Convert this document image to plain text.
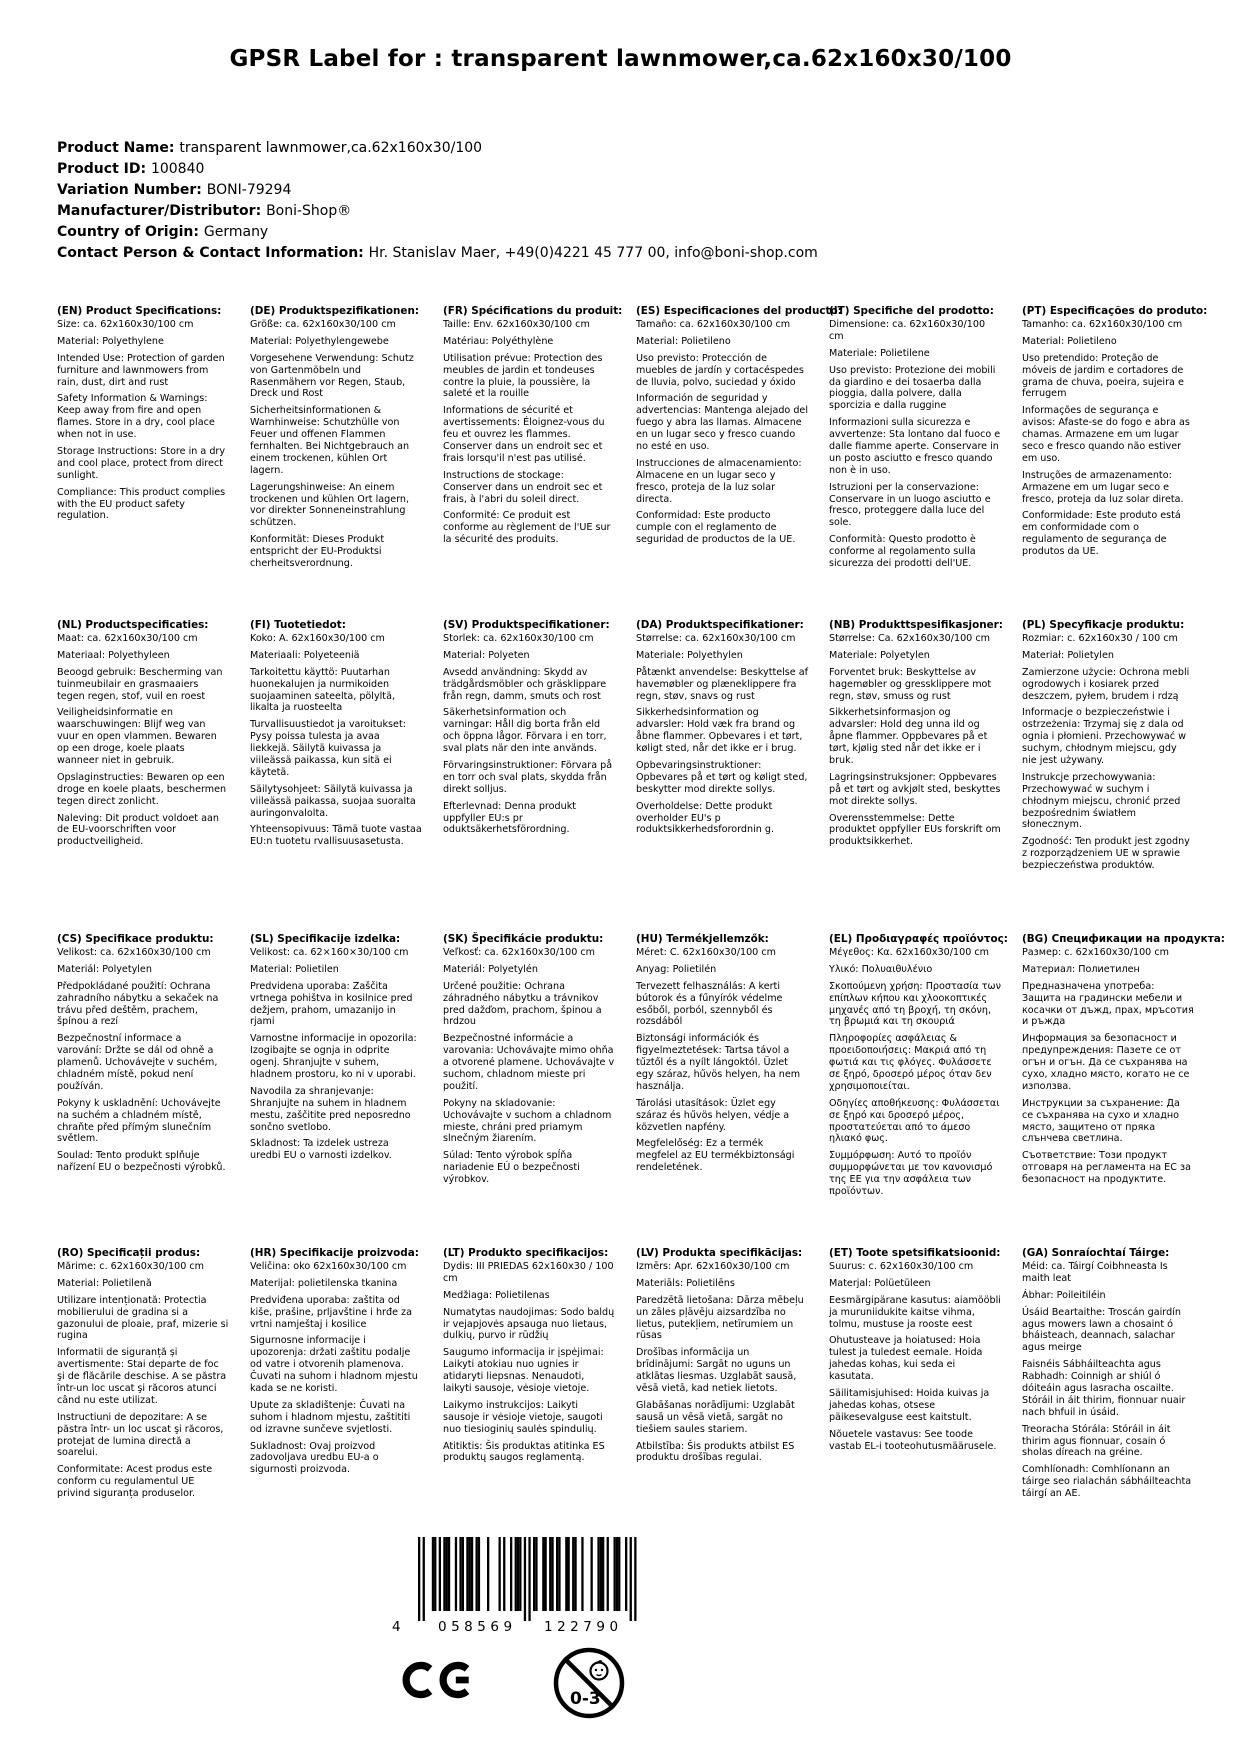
GPSR Label for : transparent lawnmower,ca.62x160x30/100
Product Name: transparent lawnmower,ca.62x160x30/100
Product ID: 100840
Variation Number: BONI-79294
Manufacturer/Distributor: Boni-Shop®
Country of Origin: Germany
Contact Person & Contact Information: Hr. Stanislav Maer, +49(0)4221 45 777 00, info@boni-shop.com
(EN) Product Specifications:

Size: ca. 62x160x30/100 cm

Material: Polyethylene

Intended Use: Protection of garden furniture and lawnmowers from rain, dust, dirt and rust

Safety Information & Warnings: Keep away from fire and open flames. Store in a dry, cool place when not in use.

Storage Instructions: Store in a dry and cool place, protect from direct sunlight.

Compliance: This product complies with the EU product safety regulation.

(DE) Produktspezifikationen:

Größe: ca. 62x160x30/100 cm

Material: Polyethylengewebe

Vorgesehene Verwendung: Schutz von Gartenmöbeln und Rasenmähern vor Regen, Staub, Dreck und Rost

Sicherheitsinformationen & Warnhinweise: Schutzhülle von Feuer und offenen Flammen fernhalten. Bei Nichtgebrauch an einem trockenen, kühlen Ort lagern.

Lagerungshinweise: An einem trockenen und kühlen Ort lagern, vor direkter Sonneneinstrahlung schützen.

Konformität: Dieses Produkt entspricht der EU-Produktsi cherheitsverordnung.

(FR) Spécifications du produit:

Taille: Env. 62x160x30/100 cm

Matériau: Polyéthylène

Utilisation prévue: Protection des meubles de jardin et tondeuses contre la pluie, la poussière, la saleté et la rouille

Informations de sécurité et avertissements: Éloignez-vous du feu et ouvrez les flammes. Conserver dans un endroit sec et frais lorsqu'il n'est pas utilisé.

Instructions de stockage: Conserver dans un endroit sec et frais, à l'abri du soleil direct.

Conformité: Ce produit est conforme au règlement de l'UE sur la sécurité des produits.

(ES) Especificaciones del producto:

Tamaño: ca. 62x160x30/100 cm

Material: Polietileno

Uso previsto: Protección de muebles de jardín y cortacéspedes de lluvia, polvo, suciedad y óxido

Información de seguridad y advertencias: Mantenga alejado del fuego y abra las llamas. Almacene en un lugar seco y fresco cuando no esté en uso.

Instrucciones de almacenamiento: Almacene en un lugar seco y fresco, proteja de la luz solar directa.

Conformidad: Este producto cumple con el reglamento de seguridad de productos de la UE.

(IT) Specifiche del prodotto:

Dimensione: ca. 62x160x30/100 cm

Materiale: Polietilene

Uso previsto: Protezione dei mobili da giardino e dei tosaerba dalla pioggia, dalla polvere, dalla sporcizia e dalla ruggine

Informazioni sulla sicurezza e avvertenze: Sta lontano dal fuoco e dalle fiamme aperte. Conservare in un posto asciutto e fresco quando non è in uso.

Istruzioni per la conservazione: Conservare in un luogo asciutto e fresco, proteggere dalla luce del sole.

Conformità: Questo prodotto è conforme al regolamento sulla sicurezza dei prodotti dell'UE.

(PT) Especificações do produto:

Tamanho: ca. 62x160x30/100 cm

Material: Polietileno

Uso pretendido: Proteção de móveis de jardim e cortadores de grama de chuva, poeira, sujeira e ferrugem

Informações de segurança e avisos: Afaste-se do fogo e abra as chamas. Armazene em um lugar seco e fresco quando não estiver em uso.

Instruções de armazenamento: Armazene em um lugar seco e fresco, proteja da luz solar direta.

Conformidade: Este produto está em conformidade com o regulamento de segurança de produtos da UE.

(NL) Productspecificaties:

Maat: ca. 62x160x30/100 cm

Materiaal: Polyethyleen

Beoogd gebruik: Bescherming van tuinmeubilair en grasmaaiers tegen regen, stof, vuil en roest

Veiligheidsinformatie en waarschuwingen: Blijf weg van vuur en open vlammen. Bewaren op een droge, koele plaats wanneer niet in gebruik.

Opslaginstructies: Bewaren op een droge en koele plaats, beschermen tegen direct zonlicht.

Naleving: Dit product voldoet aan de EU-voorschriften voor productveiligheid.

(FI) Tuotetiedot:

Koko: A. 62x160x30/100 cm

Materiaali: Polyeteeniä

Tarkoitettu käyttö: Puutarhan huonekalujen ja nurmikoiden suojaaminen sateelta, pölyltä, likalta ja ruosteelta

Turvallisuustiedot ja varoitukset: Pysy poissa tulesta ja avaa liekkejä. Säilytä kuivassa ja viileässä paikassa, kun sitä ei käytetä.

Säilytysohjeet: Säilytä kuivassa ja viileässä paikassa, suojaa suoralta auringonvalolta.

Yhteensopivuus: Tämä tuote vastaa EU:n tuotetu rvallisuusasetusta.

(SV) Produktspecifikationer:

Storlek: ca. 62x160x30/100 cm

Material: Polyeten

Avsedd användning: Skydd av trädgårdsmöbler och gräsklippare från regn, damm, smuts och rost

Säkerhetsinformation och varningar: Håll dig borta från eld och öppna lågor. Förvara i en torr, sval plats när den inte används.

Förvaringsinstruktioner: Förvara på en torr och sval plats, skydda från direkt solljus.

Efterlevnad: Denna produkt uppfyller EU:s pr oduktsäkerhetsförordning.

(DA) Produktspecifikationer:

Størrelse: ca. 62x160x30/100 cm

Materiale: Polyethylen

Påtænkt anvendelse: Beskyttelse af havemøbler og plæneklippere fra regn, støv, snavs og rust

Sikkerhedsinformation og advarsler: Hold væk fra brand og åbne flammer. Opbevares i et tørt, køligt sted, når det ikke er i brug.

Opbevaringsinstruktioner: Opbevares på et tørt og køligt sted, beskytter mod direkte sollys.

Overholdelse: Dette produkt overholder EU's p roduktsikkerhedsforordnin g.

(NB) Produkttspesifikasjoner:

Størrelse: Ca. 62x160x30/100 cm

Materiale: Polyetylen

Forventet bruk: Beskyttelse av hagemøbler og gressklippere mot regn, støv, smuss og rust

Sikkerhetsinformasjon og advarsler: Hold deg unna ild og åpne flammer. Oppbevares på et tørt, kjølig sted når det ikke er i bruk.

Lagringsinstruksjoner: Oppbevares på et tørt og avkjølt sted, beskyttes mot direkte sollys.

Overensstemmelse: Dette produktet oppfyller EUs forskrift om produktsikkerhet.

(PL) Specyfikacje produktu:

Rozmiar: c. 62x160x30 / 100 cm

Materiał: Polietylen

Zamierzone użycie: Ochrona mebli ogrodowych i kosiarek przed deszczem, pyłem, brudem i rdzą

Informacje o bezpieczeństwie i ostrzeżenia: Trzymaj się z dala od ognia i płomieni. Przechowywać w suchym, chłodnym miejscu, gdy nie jest używany.

Instrukcje przechowywania: Przechowywać w suchym i chłodnym miejscu, chronić przed bezpośrednim światłem słonecznym.

Zgodność: Ten produkt jest zgodny z rozporządzeniem UE w sprawie bezpieczeństwa produktów.

(CS) Specifikace produktu:

Velikost: ca. 62x160x30/100 cm

Materiál: Polyetylen

Předpokládané použití: Ochrana zahradního nábytku a sekaček na trávu před deštěm, prachem, špínou a rezí

Bezpečnostní informace a varování: Držte se dál od ohně a plamenů. Uchovávejte v suchém, chladném místě, pokud není používán.

Pokyny k uskladnění: Uchovávejte na suchém a chladném místě, chraňte před přímým slunečním světlem.

Soulad: Tento produkt splňuje nařízení EU o bezpečnosti výrobků.

(SL) Specifikacije izdelka:

Velikost: ca. 62×160×30/100 cm

Material: Polietilen

Predvidena uporaba: Zaščita vrtnega pohištva in kosilnice pred dežjem, prahom, umazanijo in rjami

Varnostne informacije in opozorila: Izogibajte se ognja in odprite ogenj. Shranjujte v suhem, hladnem prostoru, ko ni v uporabi.

Navodila za shranjevanje: Shranjujte na suhem in hladnem mestu, zaščitite pred neposredno sončno svetlobo.

Skladnost: Ta izdelek ustreza uredbi EU o varnosti izdelkov.

(SK) Špecifikácie produktu:

Veľkosť: ca. 62x160x30/100 cm

Materiál: Polyetylén

Určené použitie: Ochrana záhradného nábytku a trávnikov pred dažďom, prachom, špinou a hrdzou

Bezpečnostné informácie a varovania: Uchovávajte mimo ohňa a otvorené plamene. Uchovávajte v suchom, chladnom mieste pri použití.

Pokyny na skladovanie: Uchovávajte v suchom a chladnom mieste, chráni pred priamym slnečným žiarením.

Súlad: Tento výrobok spĺňa nariadenie EÚ o bezpečnosti výrobkov.

(HU) Termékjellemzők:

Méret: C. 62x160x30/100 cm

Anyag: Polietilén

Tervezett felhasználás: A kerti bútorok és a fűnyírók védelme esőből, porból, szennyből és rozsdából

Biztonsági információk és figyelmeztetések: Tartsa távol a tűztől és a nyílt lángoktól. Üzlet egy száraz, hűvös helyen, ha nem használja.

Tárolási utasítások: Üzlet egy száraz és hűvös helyen, védje a közvetlen napfény.

Megfelelőség: Ez a termék megfelel az EU termékbiztonsági rendeletének.

(EL) Προδιαγραφές προϊόντος:

Μέγεθος: Κα. 62x160x30/100 cm

Υλικό: Πολυαιθυλένιο

Σκοπούμενη χρήση: Προστασία των επίπλων κήπου και χλοοκοπτικές μηχανές από τη βροχή, τη σκόνη, τη βρωμιά και τη σκουριά

Πληροφορίες ασφάλειας & προειδοποιήσεις: Μακριά από τη φωτιά και τις φλόγες. Φυλάσσετε σε ξηρό, δροσερό μέρος όταν δεν χρησιμοποιείται.

Οδηγίες αποθήκευσης: Φυλάσσεται σε ξηρό και δροσερό μέρος, προστατεύεται από το άμεσο ηλιακό φως.

Συμμόρφωση: Αυτό το προϊόν συμμορφώνεται με τον κανονισμό της ΕΕ για την ασφάλεια των προϊόντων.

(BG) Спецификации на продукта:

Размер: c. 62x160x30/100 cm

Материал: Полиетилен

Предназначена употреба: Защита на градински мебели и косачки от дъжд, прах, мръсотия и ръжда

Информация за безопасност и предупреждения: Пазете се от огън и огън. Да се съхранява на сухо, хладно място, когато не се използва.

Инструкции за съхранение: Да се съхранява на сухо и хладно място, защитено от пряка слънчева светлина.

Съответствие: Този продукт отговаря на регламента на ЕС за безопасност на продуктите.

(RO) Specificații produs:

Mărime: c. 62x160x30/100 cm

Material: Polietilenă

Utilizare intenționată: Protectia mobilierului de gradina si a gazonului de ploaie, praf, mizerie si rugina

Informatii de siguranță și avertismente: Stai departe de foc şi de flăcările deschise. A se păstra într-un loc uscat şi răcoros atunci când nu este utilizat.

Instructiuni de depozitare: A se păstra într- un loc uscat şi răcoros, protejat de lumina directă a soarelui.

Conformitate: Acest produs este conform cu regulamentul UE privind siguranța produselor.

(HR) Specifikacije proizvoda:

Veličina: oko 62x160x30/100 cm

Materijal: polietilenska tkanina

Predviđena uporaba: zaštita od kiše, prašine, prljavštine i hrđe za vrtni namještaj i kosilice

Sigurnosne informacije i upozorenja: držati zaštitu podalje od vatre i otvorenih plamenova. Čuvati na suhom i hladnom mjestu kada se ne koristi.

Upute za skladištenje: Čuvati na suhom i hladnom mjestu, zaštititi od izravne sunčeve svjetlosti.

Sukladnost: Ovaj proizvod zadovoljava uredbu EU-a o sigurnosti proizvoda.

(LT) Produkto specifikacijos:

Dydis: III PRIEDAS 62x160x30 / 100 cm

Medžiaga: Polietilenas

Numatytas naudojimas: Sodo baldų ir vejapjovės apsauga nuo lietaus, dulkių, purvo ir rūdžių

Saugumo informacija ir įspėjimai: Laikyti atokiau nuo ugnies ir atidaryti liepsnas. Nenaudoti, laikyti sausoje, vėsioje vietoje.

Laikymo instrukcijos: Laikyti sausoje ir vėsioje vietoje, saugoti nuo tiesioginių saulės spindulių.

Atitiktis: Šis produktas atitinka ES produktų saugos reglamentą.

(LV) Produkta specifikācijas:

Izmērs: Apr. 62x160x30/100 cm

Materiāls: Polietilēns

Paredzētā lietošana: Dārza mēbeļu un zāles pļāvēju aizsardzība no lietus, putekļiem, netīrumiem un rūsas

Drošības informācija un brīdinājumi: Sargāt no uguns un atklātas liesmas. Uzglabāt sausā, vēsā vietā, kad netiek lietots.

Glabāšanas norādījumi: Uzglabāt sausā un vēsā vietā, sargāt no tiešiem saules stariem.

Atbilstība: Šis produkts atbilst ES produktu drošības regulai.

(ET) Toote spetsifikatsioonid:

Suurus: c. 62x160x30/100 cm

Materjal: Polüetüleen

Eesmärgipärane kasutus: aiamööbli ja muruniidukite kaitse vihma, tolmu, mustuse ja rooste eest

Ohutusteave ja hoiatused: Hoia tulest ja tuledest eemale. Hoida jahedas kohas, kui seda ei kasutata.

Säilitamisjuhised: Hoida kuivas ja jahedas kohas, otsese päikesevalguse eest kaitstult.

Nõuetele vastavus: See toode vastab EL-i tooteohutusmäärusele.

(GA) Sonraíochtaí Táirge:

Méid: ca. Táirgí Coibhneasta Is maith leat

Ábhar: Poileitiléin

Úsáid Beartaithe: Troscán gairdín agus mowers lawn a chosaint ó bháisteach, deannach, salachar agus meirge

Faisnéis Sábháilteachta agus Rabhadh: Coinnigh ar shiúl ó dóiteáin agus lasracha oscailte. Stóráil in áit thirim, fionnuar nuair nach bhfuil in úsáid.

Treoracha Stórála: Stóráil in áit thirim agus fionnuar, cosain ó sholas díreach na gréine.

Comhlíonadh: Comhlíonann an táirge seo rialachán sábháilteachta táirgí an AE.

4	058569 122790
0-3
